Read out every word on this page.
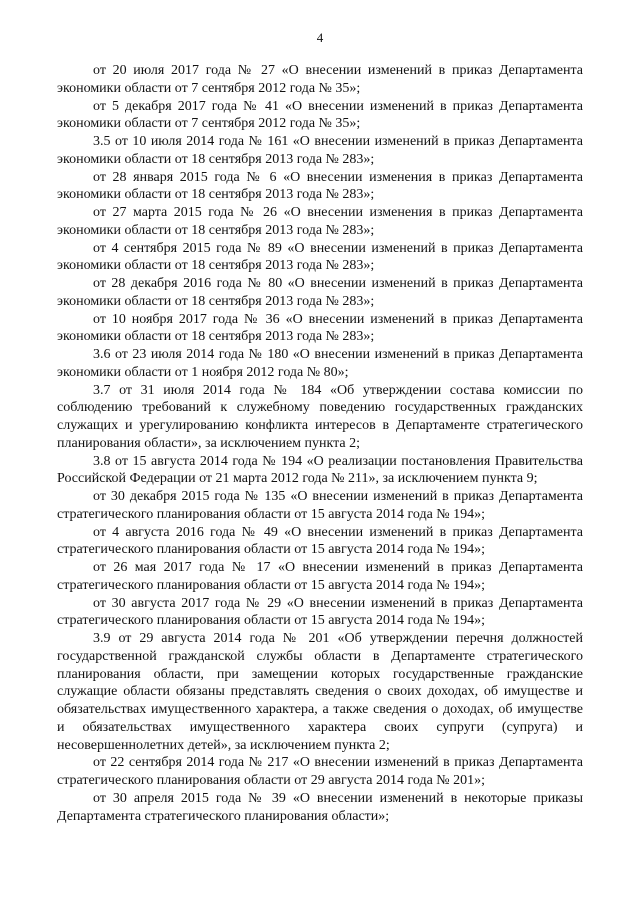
4

от 20 июля 2017 года № 27 «О внесении изменений в приказ Департамента экономики области от 7 сентября 2012 года № 35»;

от 5 декабря 2017 года № 41 «О внесении изменений в приказ Департамента экономики области от 7 сентября 2012 года № 35»;

3.5 от 10 июля 2014 года № 161 «О внесении изменений в приказ Департамента экономики области от 18 сентября 2013 года № 283»;

от 28 января 2015 года № 6 «О внесении изменения в приказ Департамента экономики области от 18 сентября 2013 года № 283»;

от 27 марта 2015 года № 26 «О внесении изменения в приказ Департамента экономики области от 18 сентября 2013 года № 283»;

от 4 сентября 2015 года № 89 «О внесении изменений в приказ Департамента экономики области от 18 сентября 2013 года № 283»;

от 28 декабря 2016 года № 80 «О внесении изменений в приказ Департамента экономики области от 18 сентября 2013 года № 283»;

от 10 ноября 2017 года № 36 «О внесении изменений в приказ Департамента экономики области от 18 сентября 2013 года № 283»;

3.6 от 23 июля 2014 года № 180 «О внесении изменений в приказ Департамента экономики области от 1 ноября 2012 года № 80»;

3.7 от 31 июля 2014 года № 184 «Об утверждении состава комиссии по соблюдению требований к служебному поведению государственных гражданских служащих и урегулированию конфликта интересов в Департаменте стратегического планирования области», за исключением пункта 2;

3.8 от 15 августа 2014 года № 194 «О реализации постановления Правительства Российской Федерации от 21 марта 2012 года № 211», за исключением пункта 9;

от 30 декабря 2015 года № 135 «О внесении изменений в приказ Департамента стратегического планирования области от 15 августа 2014 года № 194»;

от 4 августа 2016 года № 49 «О внесении изменений в приказ Департамента стратегического планирования области от 15 августа 2014 года № 194»;

от 26 мая 2017 года № 17 «О внесении изменений в приказ Департамента стратегического планирования области от 15 августа 2014 года № 194»;

от 30 августа 2017 года № 29 «О внесении изменений в приказ Департамента стратегического планирования области от 15 августа 2014 года № 194»;

3.9 от 29 августа 2014 года № 201 «Об утверждении перечня должностей государственной гражданской службы области в Департаменте стратегического планирования области, при замещении которых государственные гражданские служащие области обязаны представлять сведения о своих доходах, об имуществе и обязательствах имущественного характера, а также сведения о доходах, об имуществе и обязательствах имущественного характера своих супруги (супруга) и несовершеннолетних детей», за исключением пункта 2;

от 22 сентября 2014 года № 217 «О внесении изменений в приказ Департамента стратегического планирования области от 29 августа 2014 года № 201»;

от 30 апреля 2015 года № 39 «О внесении изменений в некоторые приказы Департамента стратегического планирования области»;
